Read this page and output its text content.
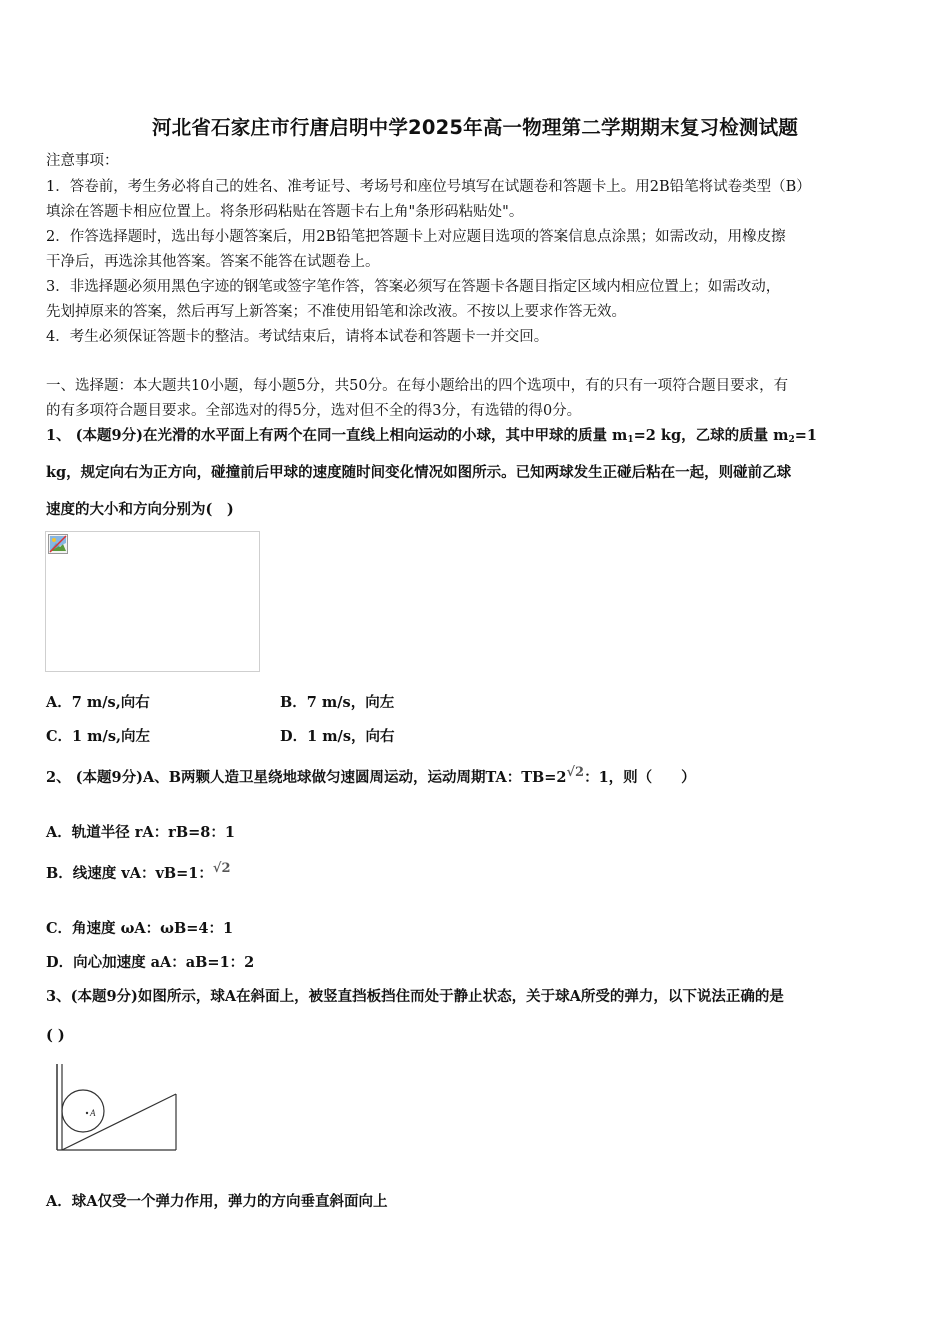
河北省石家庄市行唐启明中学2025年高一物理第二学期期末复习检测试题
注意事项：
1．答卷前，考生务必将自己的姓名、准考证号、考场号和座位号填写在试题卷和答题卡上。用2B铅笔将试卷类型（B）
填涂在答题卡相应位置上。将条形码粘贴在答题卡右上角"条形码粘贴处"。
2．作答选择题时，选出每小题答案后，用2B铅笔把答题卡上对应题目选项的答案信息点涂黑；如需改动，用橡皮擦
干净后，再选涂其他答案。答案不能答在试题卷上。
3．非选择题必须用黑色字迹的钢笔或签字笔作答，答案必须写在答题卡各题目指定区域内相应位置上；如需改动，
先划掉原来的答案，然后再写上新答案；不准使用铅笔和涂改液。不按以上要求作答无效。
4．考生必须保证答题卡的整洁。考试结束后，请将本试卷和答题卡一并交回。
一、选择题：本大题共10小题，每小题5分，共50分。在每小题给出的四个选项中，有的只有一项符合题目要求，有
的有多项符合题目要求。全部选对的得5分，选对但不全的得3分，有选错的得0分。
1、 (本题9分)在光滑的水平面上有两个在同一直线上相向运动的小球，其中甲球的质量 $m_1=2$ kg，乙球的质量 $m_2=1$
kg，规定向右为正方向，碰撞前后甲球的速度随时间变化情况如图所示。已知两球发生正碰后粘在一起，则碰前乙球
速度的大小和方向分别为(　)
A．7 m/s,向右	B．7 m/s，向左
C．1 m/s,向左	D．1 m/s，向右
2、 (本题9分)A、B两颗人造卫星绕地球做匀速圆周运动，运动周期TA：TB=2√2：1，则（　　）
A．轨道半径 rA：rB=8：1
B．线速度 vA：vB=1：√2
C．角速度 ωA：ωB=4：1
D．向心加速度 aA：aB=1：2
3、(本题9分)如图所示，球A在斜面上，被竖直挡板挡住而处于静止状态，关于球A所受的弹力，以下说法正确的是
( )
A
A．球A仅受一个弹力作用，弹力的方向垂直斜面向上
